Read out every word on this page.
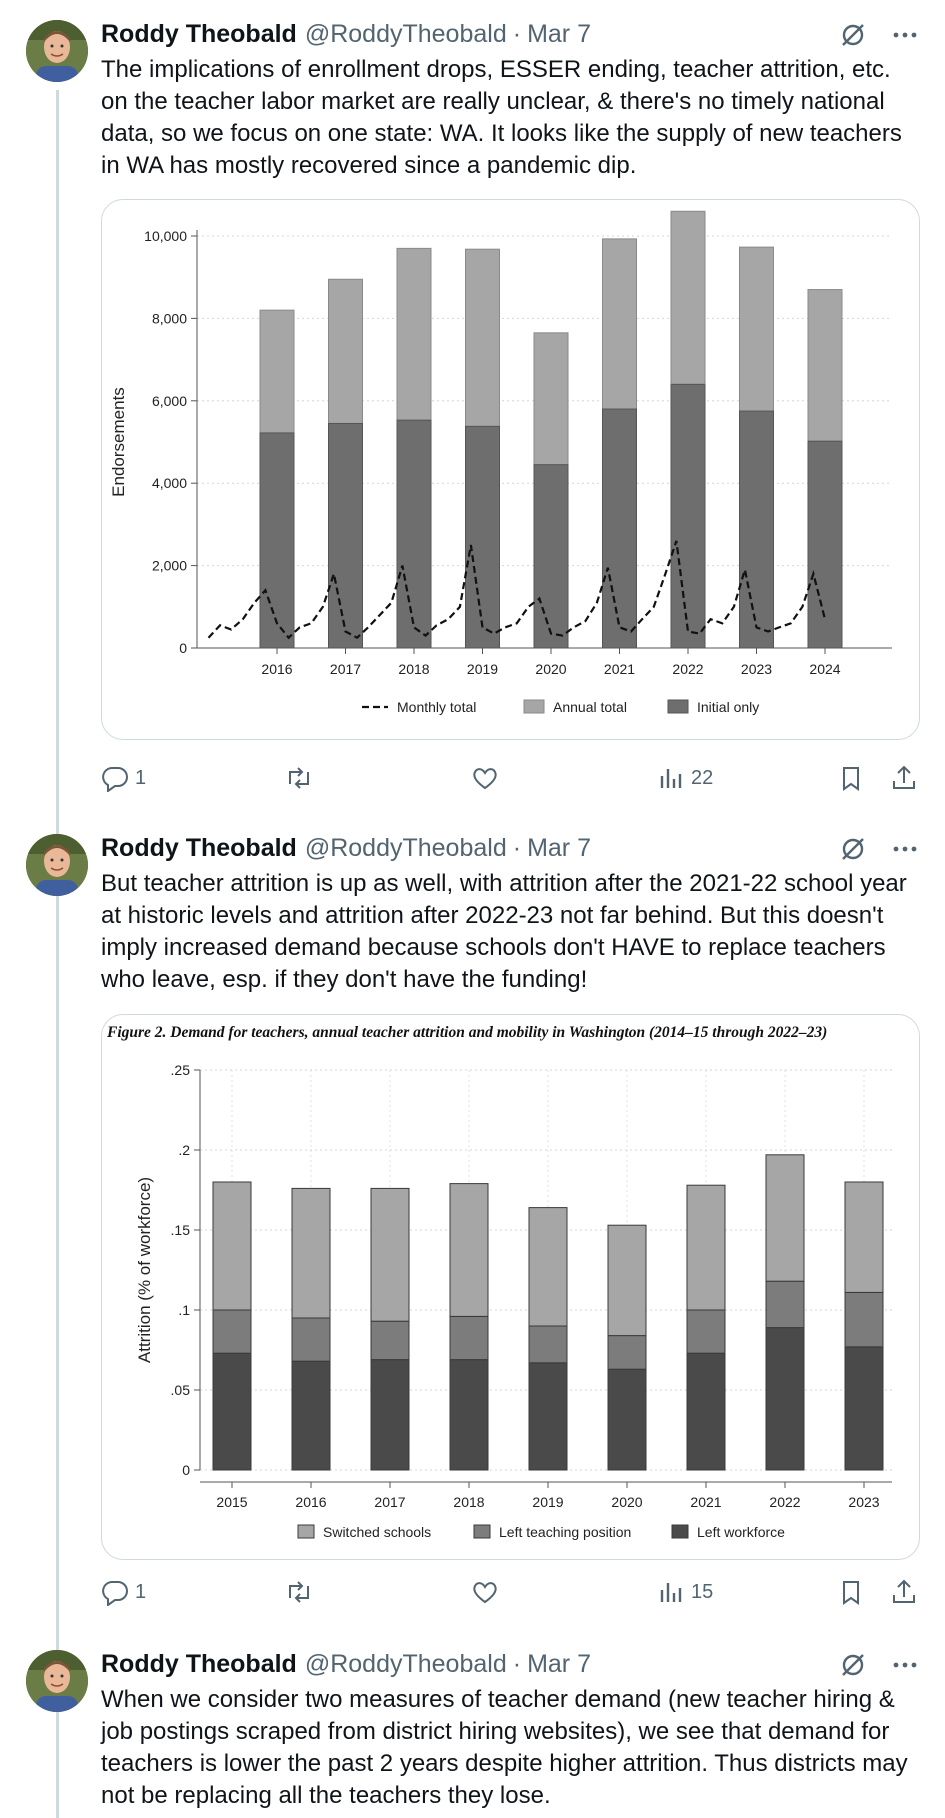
Roddy Theobald @RoddyTheobald · Mar 7
The implications of enrollment drops, ESSER ending, teacher attrition, etc. on the teacher labor market are really unclear, & there's no timely national data, so we focus on one state: WA. It looks like the supply of new teachers in WA has mostly recovered since a pandemic dip.
0
2,000
4,000
6,000
8,000
10,000
Endorsements
2016	2017	2018	2019	2020	2021	2022	2023	2024
Monthly total	Annual total	Initial only
1	22
Roddy Theobald @RoddyTheobald · Mar 7
But teacher attrition is up as well, with attrition after the 2021-22 school year at historic levels and attrition after 2022-23 not far behind. But this doesn't imply increased demand because schools don't HAVE to replace teachers who leave, esp. if they don't have the funding!
Figure 2. Demand for teachers, annual teacher attrition and mobility in Washington (2014–15 through 2022–23)
0
.05
.1
.15
.2
.25
Attrition (% of workforce)
2015	2016	2017	2018	2019	2020	2021	2022	2023
Switched schools	Left teaching position	Left workforce
1	15
Roddy Theobald @RoddyTheobald · Mar 7
When we consider two measures of teacher demand (new teacher hiring & job postings scraped from district hiring websites), we see that demand for teachers is lower the past 2 years despite higher attrition. Thus districts may not be replacing all the teachers they lose.
